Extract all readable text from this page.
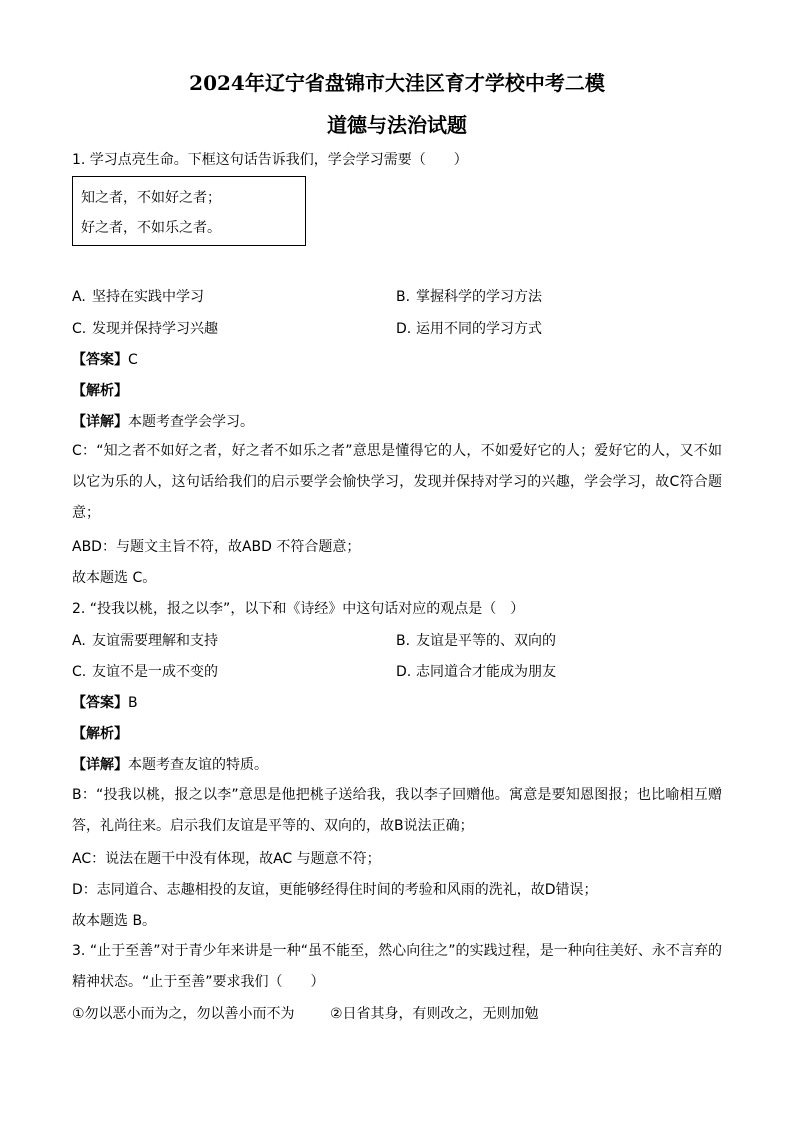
2024年辽宁省盘锦市大洼区育才学校中考二模
道德与法治试题
1. 学习点亮生命。下框这句话告诉我们，学会学习需要（　　）
知之者，不如好之者；
好之者，不如乐之者。
A. 坚持在实践中学习	B. 掌握科学的学习方法
C. 发现并保持学习兴趣	D. 运用不同的学习方式
【答案】C
【解析】
【详解】本题考查学会学习。
C：“知之者不如好之者，好之者不如乐之者”意思是懂得它的人，不如爱好它的人；爱好它的人，又不如以它为乐的人，这句话给我们的启示要学会愉快学习，发现并保持对学习的兴趣，学会学习，故C符合题意；
ABD：与题文主旨不符，故ABD 不符合题意；
故本题选 C。
2. “投我以桃，报之以李”，以下和《诗经》中这句话对应的观点是（　）
A. 友谊需要理解和支持	B. 友谊是平等的、双向的
C. 友谊不是一成不变的	D. 志同道合才能成为朋友
【答案】B
【解析】
【详解】本题考查友谊的特质。
B：“投我以桃，报之以李”意思是他把桃子送给我，我以李子回赠他。寓意是要知恩图报；也比喻相互赠答，礼尚往来。启示我们友谊是平等的、双向的，故B说法正确；
AC：说法在题干中没有体现，故AC 与题意不符；
D：志同道合、志趣相投的友谊，更能够经得住时间的考验和风雨的洗礼，故D错误；
故本题选 B。
3. “止于至善”对于青少年来讲是一种“虽不能至，然心向往之”的实践过程，是一种向往美好、永不言弃的精神状态。“止于至善”要求我们（　　）
①勿以恶小而为之，勿以善小而不为	②日省其身，有则改之，无则加勉
